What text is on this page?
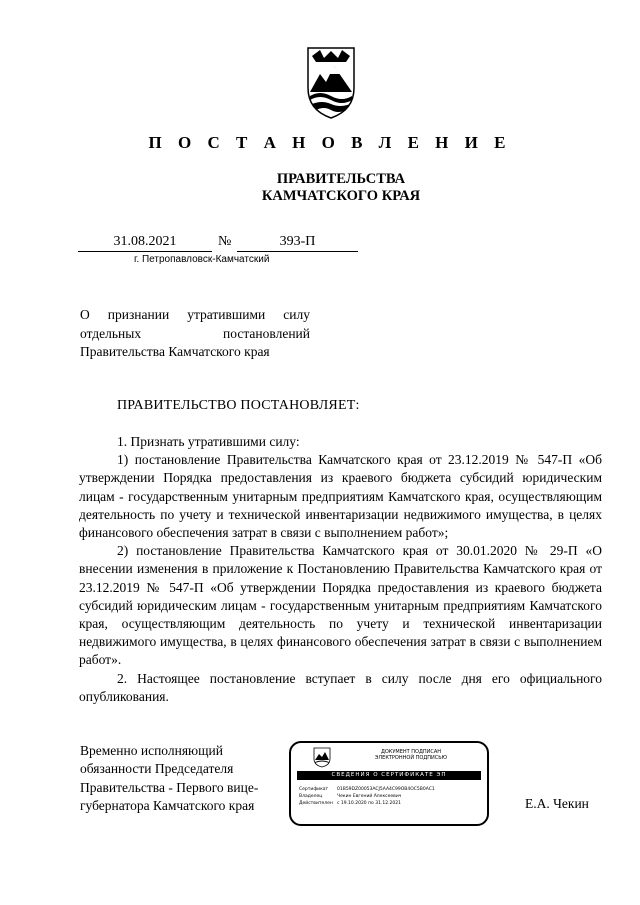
П О С Т А Н О В Л Е Н И Е
ПРАВИТЕЛЬСТВА
КАМЧАТСКОГО КРАЯ
31.08.2021	№	393-П
г. Петропавловск-Камчатский
О признании утратившими силу
отдельных постановлений
Правительства Камчатского края
ПРАВИТЕЛЬСТВО ПОСТАНОВЛЯЕТ:

1. Признать утратившими силу:

1) постановление Правительства Камчатского края от 23.12.2019 № 547-П «Об утверждении Порядка предоставления из краевого бюджета субсидий юридическим лицам - государственным унитарным предприятиям Камчатского края, осуществляющим деятельность по учету и технической инвентаризации недвижимого имущества, в целях финансового обеспечения затрат в связи с выполнением работ»;

2) постановление Правительства Камчатского края от 30.01.2020 № 29-П «О внесении изменения в приложение к Постановлению Правительства Камчатского края от 23.12.2019 № 547-П «Об утверждении Порядка предоставления из краевого бюджета субсидий юридическим лицам - государственным унитарным предприятиям Камчатского края, осуществляющим деятельность по учету и технической инвентаризации недвижимого имущества, в целях финансового обеспечения затрат в связи с выполнением работ».

2. Настоящее постановление вступает в силу после дня его официального опубликования.

Временно исполняющий
обязанности Председателя
Правительства - Первого вице-
губернатора Камчатского края
ДОКУМЕНТ ПОДПИСАН
ЭЛЕКТРОННОЙ ПОДПИСЬЮ
СВЕДЕНИЯ О СЕРТИФИКАТЕ ЭП
Сертификат 01B59DZ00053ACJ5AA4C99OB4OC5B0AC1
Владелец	Чекин Евгений Алексеевич
Действителен с 19.10.2020 по 31.12.2021	Е.А. Чекин
